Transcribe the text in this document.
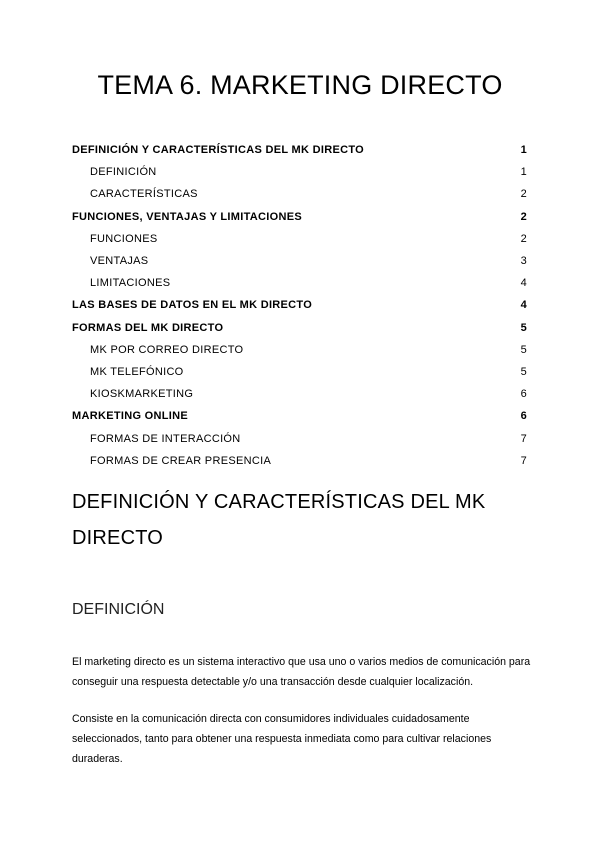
TEMA 6. MARKETING DIRECTO
DEFINICIÓN Y CARACTERÍSTICAS DEL MK DIRECTO	1
DEFINICIÓN	1
CARACTERÍSTICAS	2
FUNCIONES, VENTAJAS Y LIMITACIONES	2
FUNCIONES	2
VENTAJAS	3
LIMITACIONES	4
LAS BASES DE DATOS EN EL MK DIRECTO	4
FORMAS DEL MK DIRECTO	5
MK POR CORREO DIRECTO	5
MK TELEFÓNICO	5
KIOSKMARKETING	6
MARKETING ONLINE	6
FORMAS DE INTERACCIÓN	7
FORMAS DE CREAR PRESENCIA	7
DEFINICIÓN Y CARACTERÍSTICAS DEL MK DIRECTO
DEFINICIÓN

El marketing directo es un sistema interactivo que usa uno o varios medios de comunicación para conseguir una respuesta detectable y/o una transacción desde cualquier localización.

Consiste en la comunicación directa con consumidores individuales cuidadosamente seleccionados, tanto para obtener una respuesta inmediata como para cultivar relaciones duraderas.
